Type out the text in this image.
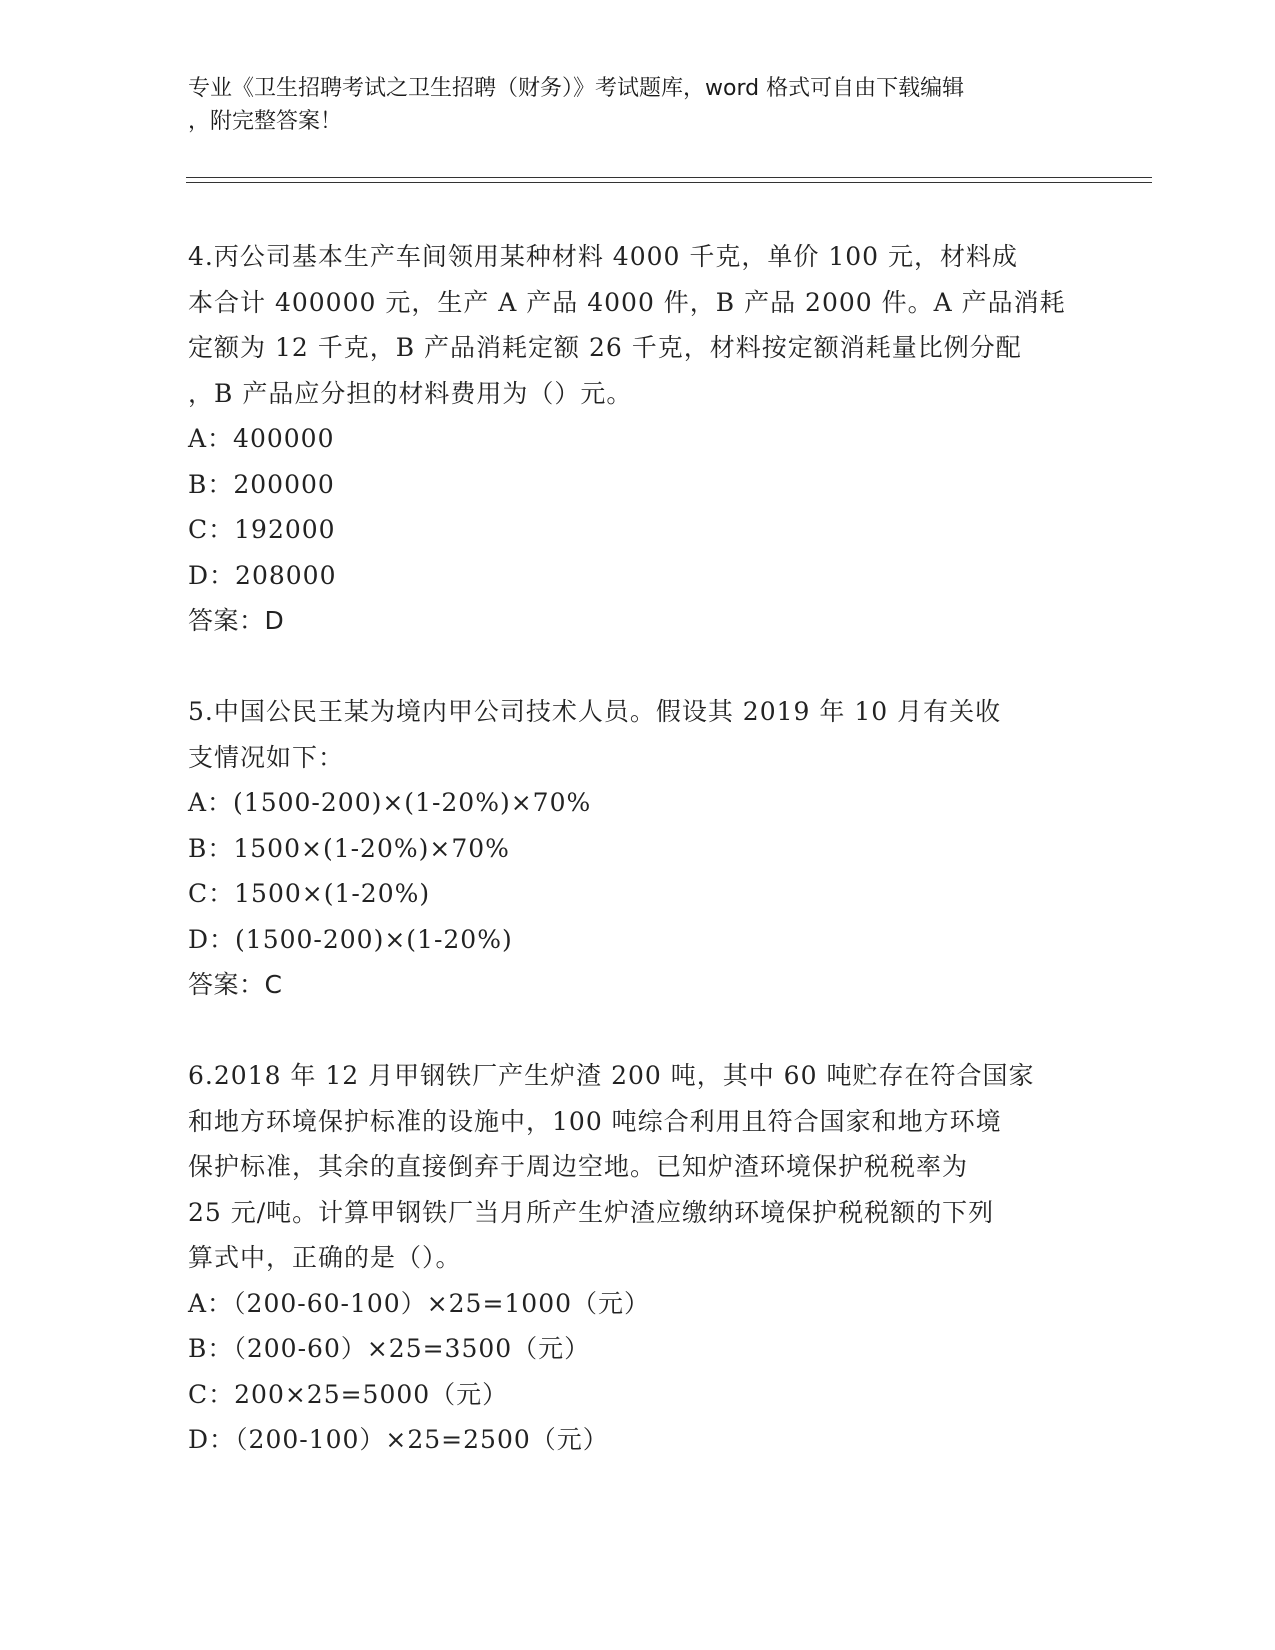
专业《卫生招聘考试之卫生招聘（财务）》考试题库，word 格式可自由下载编辑
，附完整答案！
4.丙公司基本生产车间领用某种材料 4000 千克，单价 100 元，材料成
本合计 400000 元，生产 A 产品 4000 件，B 产品 2000 件。A 产品消耗
定额为 12 千克，B 产品消耗定额 26 千克，材料按定额消耗量比例分配
，B 产品应分担的材料费用为（）元。
A：400000
B：200000
C：192000
D：208000
答案：D
5.中国公民王某为境内甲公司技术人员。假设其 2019 年 10 月有关收
支情况如下：
A：(1500-200)×(1-20%)×70%
B：1500×(1-20%)×70%
C：1500×(1-20%)
D：(1500-200)×(1-20%)
答案：C
6.2018 年 12 月甲钢铁厂产生炉渣 200 吨，其中 60 吨贮存在符合国家
和地方环境保护标准的设施中，100 吨综合利用且符合国家和地方环境
保护标准，其余的直接倒弃于周边空地。已知炉渣环境保护税税率为
25 元/吨。计算甲钢铁厂当月所产生炉渣应缴纳环境保护税税额的下列
算式中，正确的是（）。
A：（200-60-100）×25=1000（元）
B：（200-60）×25=3500（元）
C：200×25=5000（元）
D：（200-100）×25=2500（元）
